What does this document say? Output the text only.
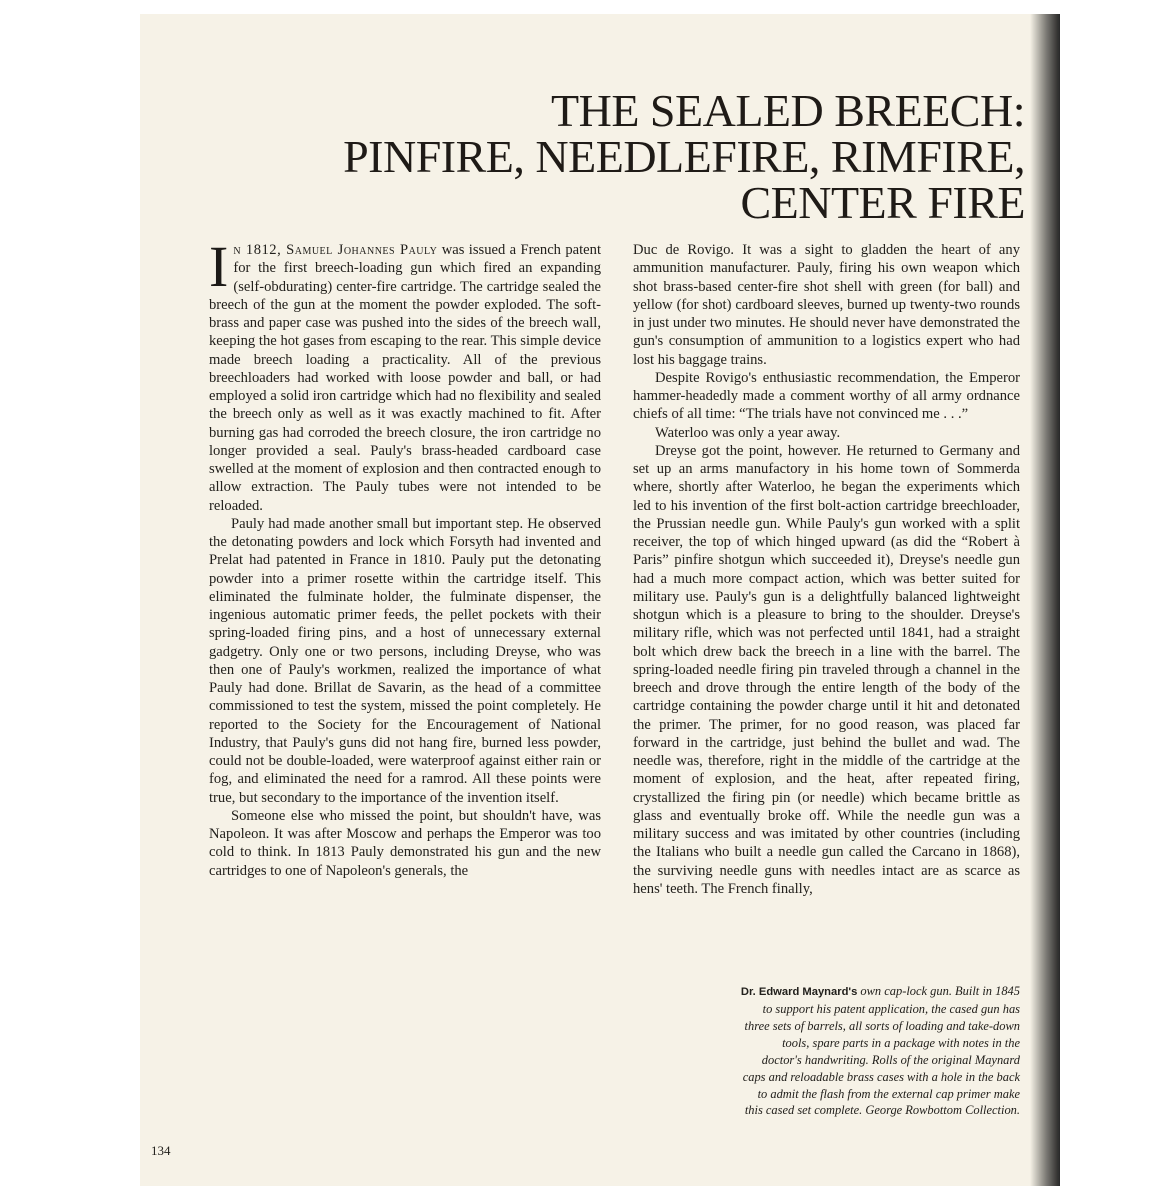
THE SEALED BREECH:
PINFIRE, NEEDLEFIRE, RIMFIRE,
CENTER FIRE

In 1812, Samuel Johannes Pauly was issued a French patent for the first breech-loading gun which fired an expanding (self-obdurating) center-fire cartridge. The cartridge sealed the breech of the gun at the moment the powder exploded. The soft-brass and paper case was pushed into the sides of the breech wall, keeping the hot gases from escaping to the rear. This simple device made breech loading a practicality. All of the previous breechloaders had worked with loose powder and ball, or had employed a solid iron cartridge which had no flexibility and sealed the breech only as well as it was exactly machined to fit. After burning gas had corroded the breech closure, the iron cartridge no longer provided a seal. Pauly's brass-headed cardboard case swelled at the moment of explosion and then contracted enough to allow extraction. The Pauly tubes were not intended to be reloaded.

Pauly had made another small but important step. He observed the detonating powders and lock which Forsyth had invented and Prelat had patented in France in 1810. Pauly put the detonating powder into a primer rosette within the cartridge itself. This eliminated the fulminate holder, the fulminate dispenser, the ingenious automatic primer feeds, the pellet pockets with their spring-loaded firing pins, and a host of unnecessary external gadgetry. Only one or two persons, including Dreyse, who was then one of Pauly's workmen, realized the importance of what Pauly had done. Brillat de Savarin, as the head of a committee commissioned to test the system, missed the point completely. He reported to the Society for the Encouragement of National Industry, that Pauly's guns did not hang fire, burned less powder, could not be double-loaded, were waterproof against either rain or fog, and eliminated the need for a ramrod. All these points were true, but secondary to the importance of the invention itself.

Someone else who missed the point, but shouldn't have, was Napoleon. It was after Moscow and perhaps the Emperor was too cold to think. In 1813 Pauly demonstrated his gun and the new cartridges to one of Napoleon's generals, the

Duc de Rovigo. It was a sight to gladden the heart of any ammunition manufacturer. Pauly, firing his own weapon which shot brass-based center-fire shot shell with green (for ball) and yellow (for shot) cardboard sleeves, burned up twenty-two rounds in just under two minutes. He should never have demonstrated the gun's consumption of ammunition to a logistics expert who had lost his baggage trains.

Despite Rovigo's enthusiastic recommendation, the Emperor hammer-headedly made a comment worthy of all army ordnance chiefs of all time: “The trials have not convinced me . . .”

Waterloo was only a year away.

Dreyse got the point, however. He returned to Germany and set up an arms manufactory in his home town of Sommerda where, shortly after Waterloo, he began the experiments which led to his invention of the first bolt-action cartridge breechloader, the Prussian needle gun. While Pauly's gun worked with a split receiver, the top of which hinged upward (as did the “Robert à Paris” pinfire shotgun which succeeded it), Dreyse's needle gun had a much more compact action, which was better suited for military use. Pauly's gun is a delightfully balanced lightweight shotgun which is a pleasure to bring to the shoulder. Dreyse's military rifle, which was not perfected until 1841, had a straight bolt which drew back the breech in a line with the barrel. The spring-loaded needle firing pin traveled through a channel in the breech and drove through the entire length of the body of the cartridge containing the powder charge until it hit and detonated the primer. The primer, for no good reason, was placed far forward in the cartridge, just behind the bullet and wad. The needle was, therefore, right in the middle of the cartridge at the moment of explosion, and the heat, after repeated firing, crystallized the firing pin (or needle) which became brittle as glass and eventually broke off. While the needle gun was a military success and was imitated by other countries (including the Italians who built a needle gun called the Carcano in 1868), the surviving needle guns with needles intact are as scarce as hens' teeth. The French finally,

Dr. Edward Maynard's own cap-lock gun. Built in 1845 to support his patent application, the cased gun has three sets of barrels, all sorts of loading and take-down tools, spare parts in a package with notes in the doctor's handwriting. Rolls of the original Maynard caps and reloadable brass cases with a hole in the back to admit the flash from the external cap primer make this cased set complete. George Rowbottom Collection.
134
